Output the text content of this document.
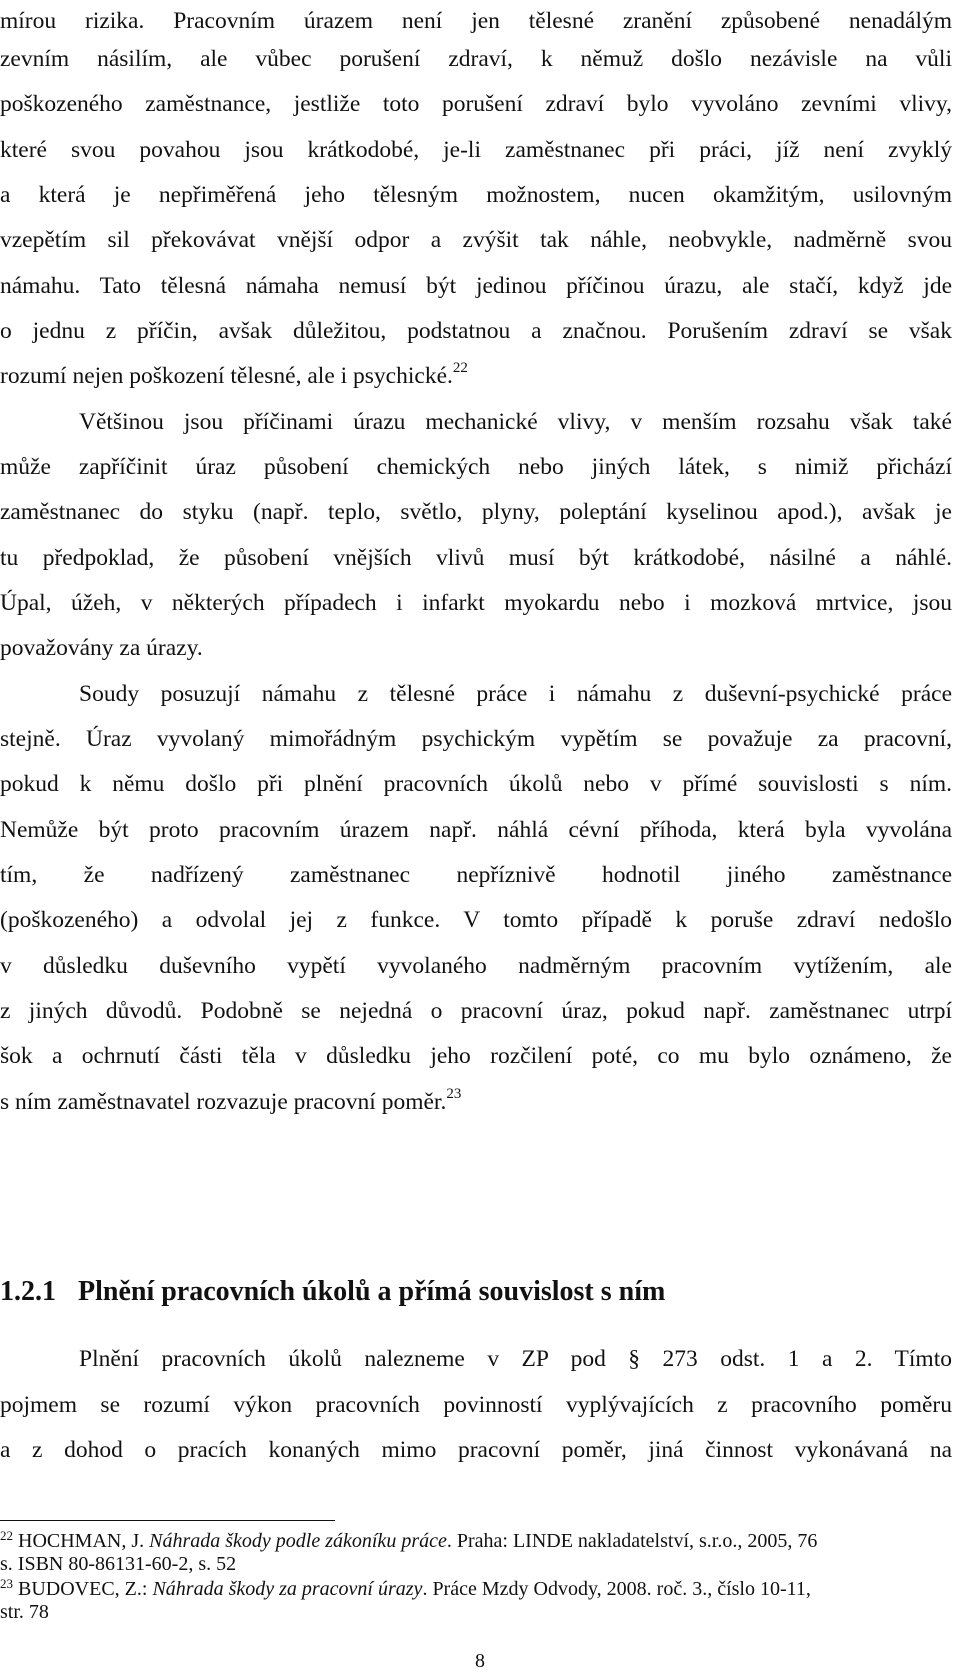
mírou rizika. Pracovním úrazem není jen tělesné zranění způsobené nenadálým
zevním násilím, ale vůbec porušení zdraví, k němuž došlo nezávisle na vůli
poškozeného zaměstnance, jestliže toto porušení zdraví bylo vyvoláno zevními vlivy,
které svou povahou jsou krátkodobé, je-li zaměstnanec při práci, jíž není zvyklý
a která je nepřiměřená jeho tělesným možnostem, nucen okamžitým, usilovným
vzepětím sil překovávat vnější odpor a zvýšit tak náhle, neobvykle, nadměrně svou
námahu. Tato tělesná námaha nemusí být jedinou příčinou úrazu, ale stačí, když jde
o jednu z příčin, avšak důležitou, podstatnou a značnou. Porušením zdraví se však
rozumí nejen poškození tělesné, ale i psychické.$^{22}$
Většinou jsou příčinami úrazu mechanické vlivy, v menším rozsahu však také
může zapříčinit úraz působení chemických nebo jiných látek, s nimiž přichází
zaměstnanec do styku (např. teplo, světlo, plyny, poleptání kyselinou apod.), avšak je
tu předpoklad, že působení vnějších vlivů musí být krátkodobé, násilné a náhlé.
Úpal, úžeh, v některých případech i infarkt myokardu nebo i mozková mrtvice, jsou
považovány za úrazy.
Soudy posuzují námahu z tělesné práce i námahu z duševní-psychické práce
stejně. Úraz vyvolaný mimořádným psychickým vypětím se považuje za pracovní,
pokud k němu došlo při plnění pracovních úkolů nebo v přímé souvislosti s ním.
Nemůže být proto pracovním úrazem např. náhlá cévní příhoda, která byla vyvolána
tím, že nadřízený zaměstnanec nepříznivě hodnotil jiného zaměstnance
(poškozeného) a odvolal jej z funkce. V tomto případě k poruše zdraví nedošlo
v důsledku duševního vypětí vyvolaného nadměrným pracovním vytížením, ale
z jiných důvodů. Podobně se nejedná o pracovní úraz, pokud např. zaměstnanec utrpí
šok a ochrnutí části těla v důsledku jeho rozčilení poté, co mu bylo oznámeno, že
s ním zaměstnavatel rozvazuje pracovní poměr.$^{23}$
1.2.1 Plnění pracovních úkolů a přímá souvislost s ním
Plnění pracovních úkolů nalezneme v ZP pod § 273 odst. 1 a 2. Tímto
pojmem se rozumí výkon pracovních povinností vyplývajících z pracovního poměru
a z dohod o pracích konaných mimo pracovní poměr, jiná činnost vykonávaná na
$^{22}$ HOCHMAN, J. Náhrada škody podle zákoníku práce. Praha: LINDE nakladatelství, s.r.o., 2005, 76
s. ISBN 80-86131-60-2, s. 52
$^{23}$ BUDOVEC, Z.: Náhrada škody za pracovní úrazy. Práce Mzdy Odvody, 2008. roč. 3., číslo 10-11,
str. 78
8
